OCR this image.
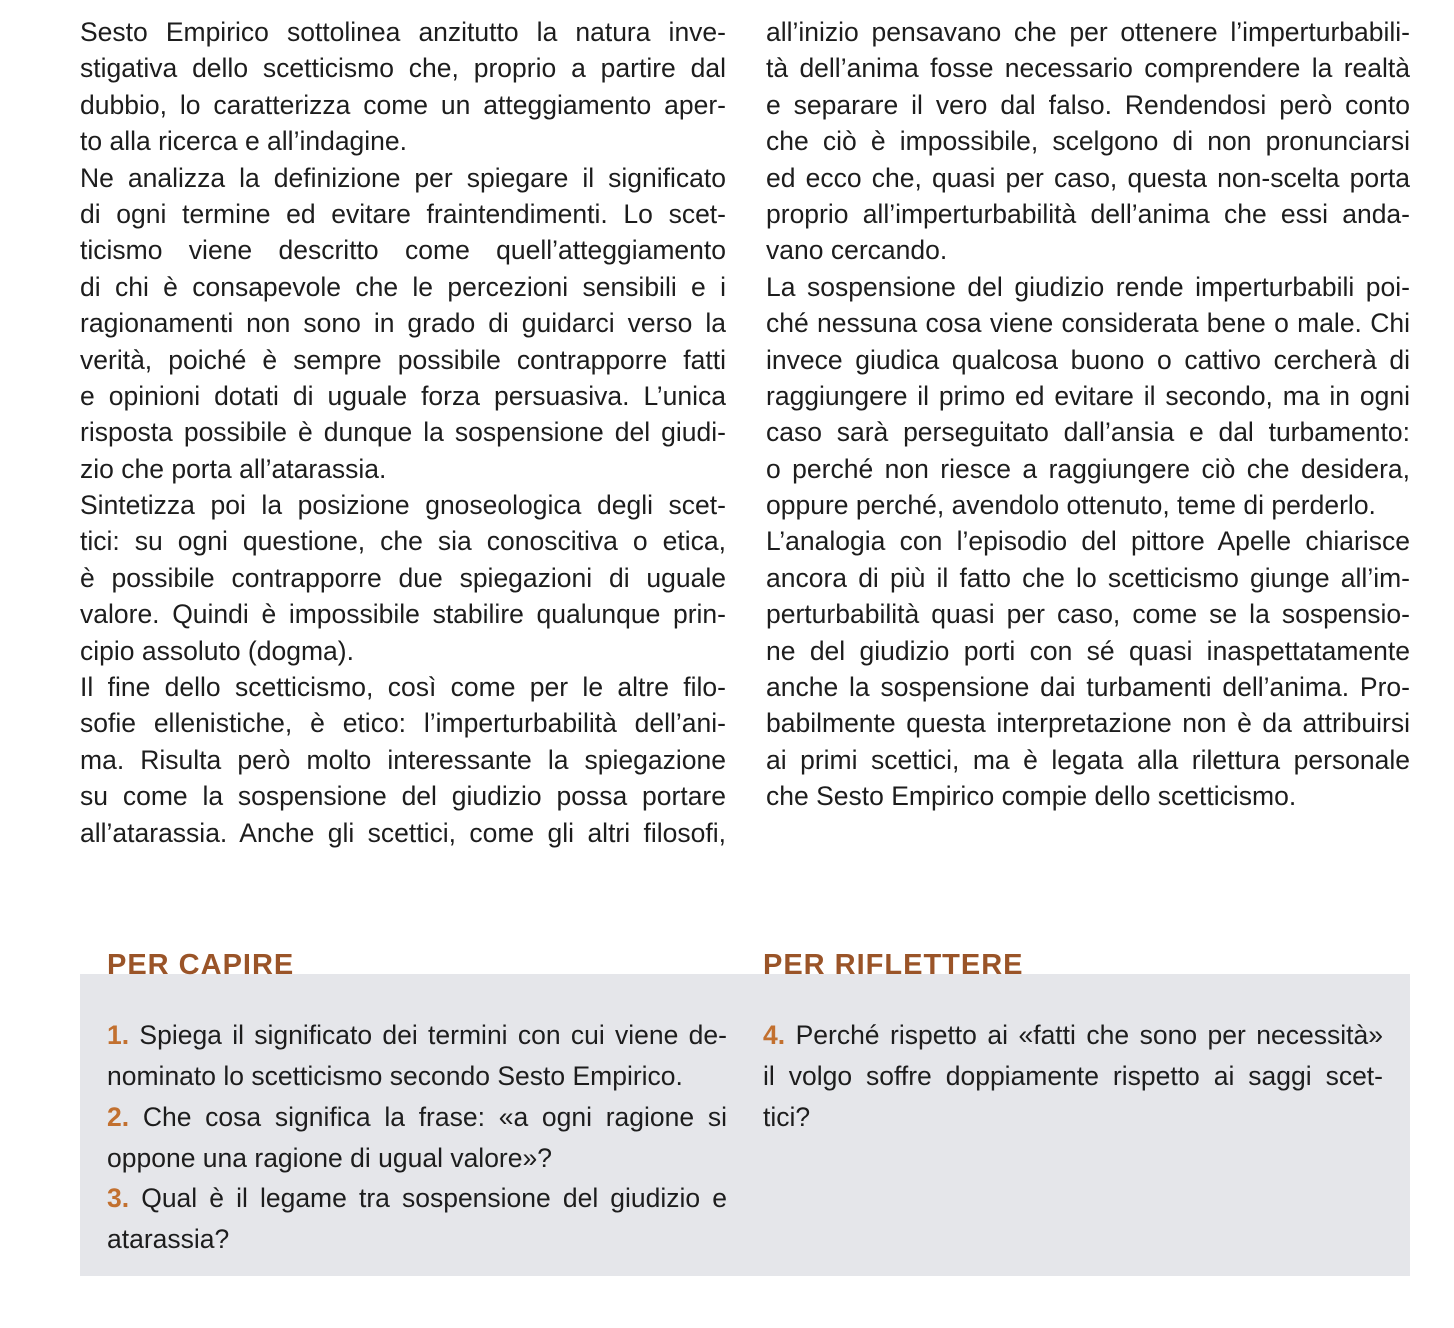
Sesto Empirico sottolinea anzitutto la natura inve-
stigativa dello scetticismo che, proprio a partire dal
dubbio, lo caratterizza come un atteggiamento aper-
to alla ricerca e all’indagine.
Ne analizza la definizione per spiegare il significato
di ogni termine ed evitare fraintendimenti. Lo scet-
ticismo viene descritto come quell’atteggiamento
di chi è consapevole che le percezioni sensibili e i
ragionamenti non sono in grado di guidarci verso la
verità, poiché è sempre possibile contrapporre fatti
e opinioni dotati di uguale forza persuasiva. L’unica
risposta possibile è dunque la sospensione del giudi-
zio che porta all’atarassia.
Sintetizza poi la posizione gnoseologica degli scet-
tici: su ogni questione, che sia conoscitiva o etica,
è possibile contrapporre due spiegazioni di uguale
valore. Quindi è impossibile stabilire qualunque prin-
cipio assoluto (dogma).
Il fine dello scetticismo, così come per le altre filo-
sofie ellenistiche, è etico: l’imperturbabilità dell’ani-
ma. Risulta però molto interessante la spiegazione
su come la sospensione del giudizio possa portare
all’atarassia. Anche gli scettici, come gli altri filosofi,
all’inizio pensavano che per ottenere l’imperturbabili-
tà dell’anima fosse necessario comprendere la realtà
e separare il vero dal falso. Rendendosi però conto
che ciò è impossibile, scelgono di non pronunciarsi
ed ecco che, quasi per caso, questa non-scelta porta
proprio all’imperturbabilità dell’anima che essi anda-
vano cercando.
La sospensione del giudizio rende imperturbabili poi-
ché nessuna cosa viene considerata bene o male. Chi
invece giudica qualcosa buono o cattivo cercherà di
raggiungere il primo ed evitare il secondo, ma in ogni
caso sarà perseguitato dall’ansia e dal turbamento:
o perché non riesce a raggiungere ciò che desidera,
oppure perché, avendolo ottenuto, teme di perderlo.
L’analogia con l’episodio del pittore Apelle chiarisce
ancora di più il fatto che lo scetticismo giunge all’im-
perturbabilità quasi per caso, come se la sospensio-
ne del giudizio porti con sé quasi inaspettatamente
anche la sospensione dai turbamenti dell’anima. Pro-
babilmente questa interpretazione non è da attribuirsi
ai primi scettici, ma è legata alla rilettura personale
che Sesto Empirico compie dello scetticismo.
PER CAPIRE	PER RIFLETTERE
1. Spiega il significato dei termini con cui viene de-
nominato lo scetticismo secondo Sesto Empirico.
2. Che cosa significa la frase: «a ogni ragione si
oppone una ragione di ugual valore»?
3. Qual è il legame tra sospensione del giudizio e
atarassia?
4. Perché rispetto ai «fatti che sono per necessità»
il volgo soffre doppiamente rispetto ai saggi scet-
tici?
